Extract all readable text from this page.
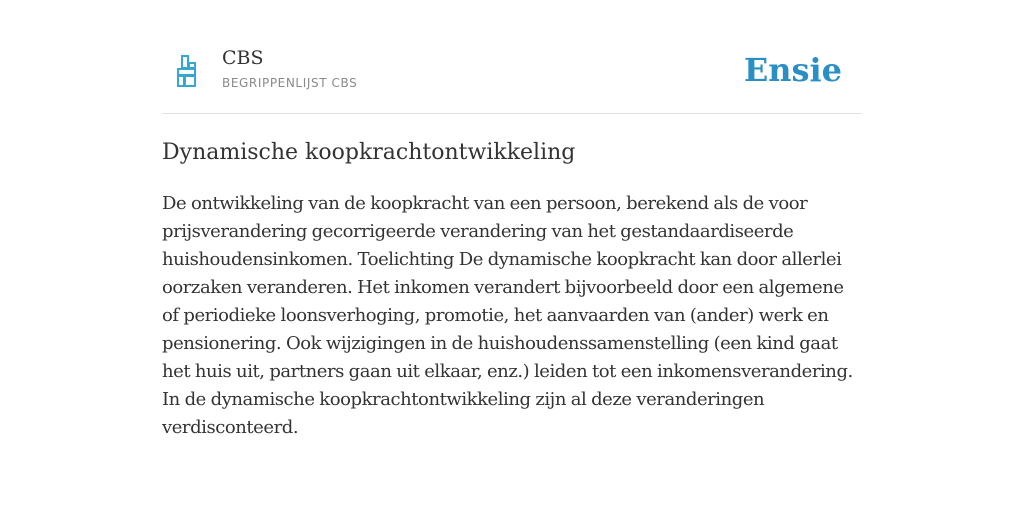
CBS
BEGRIPPENLIJST CBS	Ensie
Dynamische koopkrachtontwikkeling

De ontwikkeling van de koopkracht van een persoon, berekend als de voor prijsverandering gecorrigeerde verandering van het gestandaardiseerde huishoudensinkomen. Toelichting De dynamische koopkracht kan door allerlei oorzaken veranderen. Het inkomen verandert bijvoorbeeld door een algemene of periodieke loonsverhoging, promotie, het aanvaarden van (ander) werk en pensionering. Ook wijzigingen in de huishoudenssamenstelling (een kind gaat het huis uit, partners gaan uit elkaar, enz.) leiden tot een inkomensverandering. In de dynamische koopkrachtontwikkeling zijn al deze veranderingen verdisconteerd.
